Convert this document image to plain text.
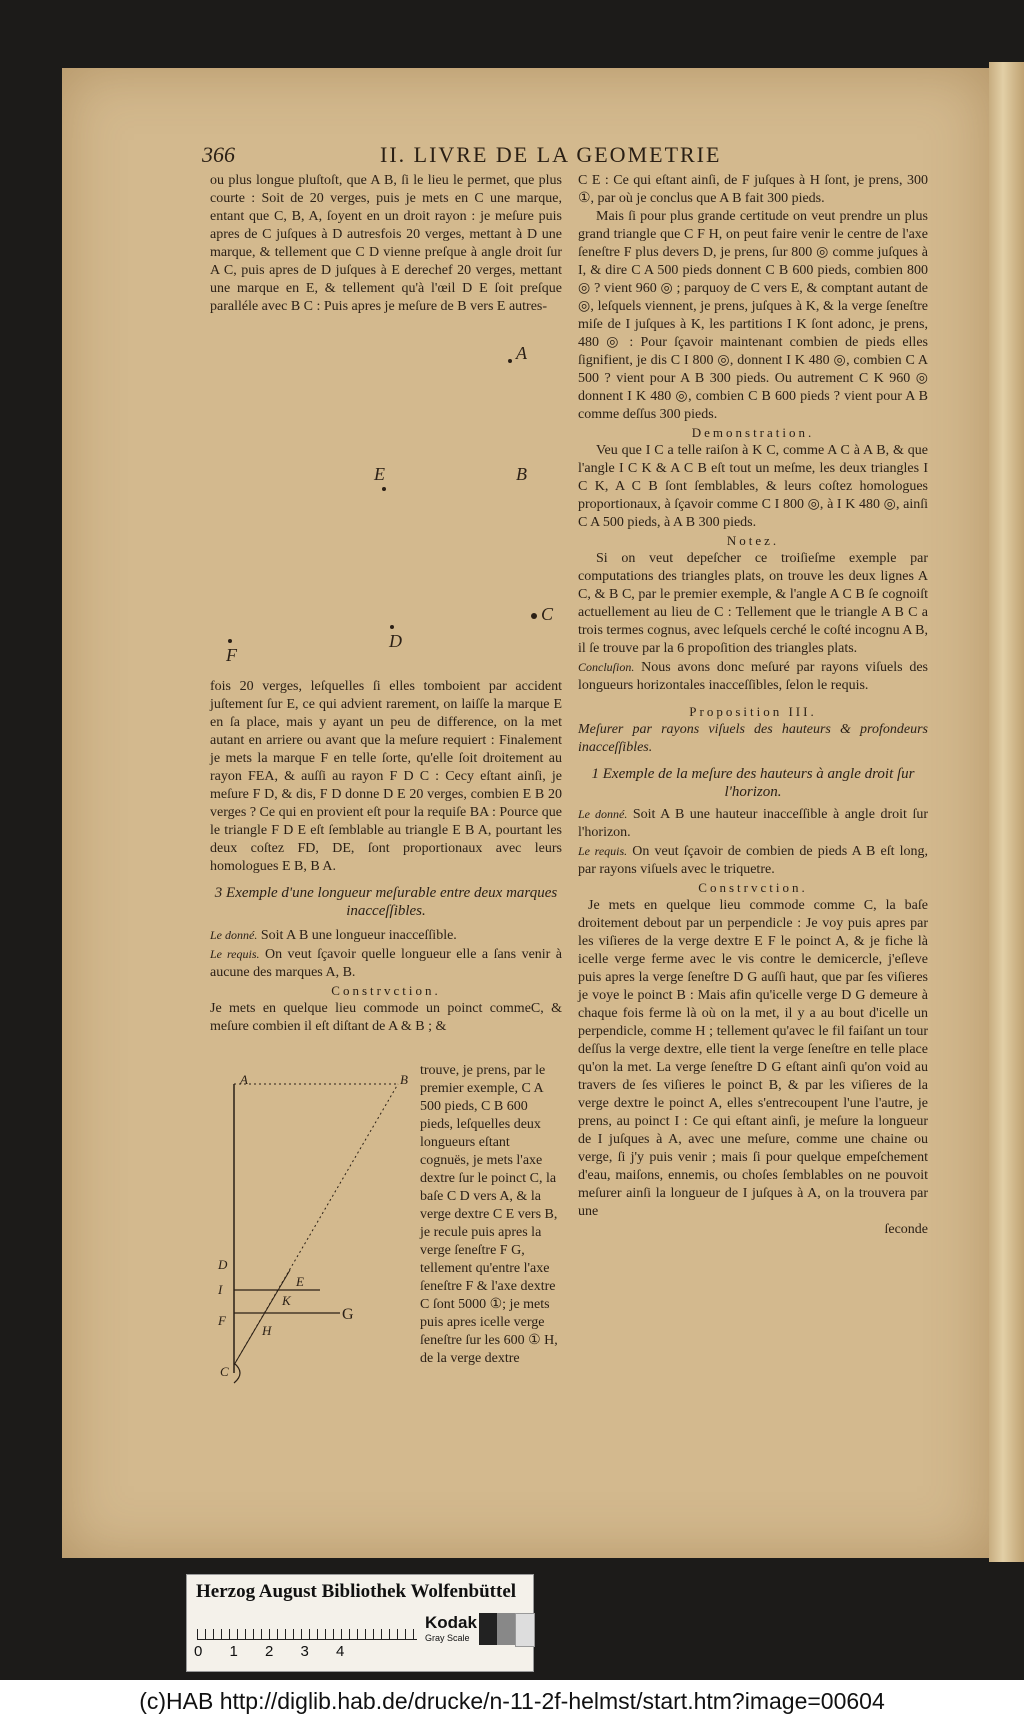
366	II. LIVRE DE LA GEOMETRIE

ou plus longue pluſtoſt, que A B, ſi le lieu le permet, que plus courte : Soit de 20 verges, puis je mets en C une marque, entant que C, B, A, ſoyent en un droit rayon : je meſure puis apres de C juſques à D autresfois 20 verges, mettant à D une marque, & tellement que C D vienne preſque à angle droit ſur A C, puis apres de D juſques à E derechef 20 verges, mettant une marque en E, & tellement qu'à l'œil D E ſoit preſque paralléle avec B C : Puis apres je meſure de B vers E autres-

A
B
C
D
E
F

fois 20 verges, leſquelles ſi elles tomboient par accident juſtement ſur E, ce qui advient rarement, on laiſſe la marque E en ſa place, mais y ayant un peu de difference, on la met autant en arriere ou avant que la meſure requiert : Finalement je mets la marque F en telle ſorte, qu'elle ſoit droitement au rayon FEA, & auſſi au rayon F D C : Cecy eſtant ainſi, je meſure F D, & dis, F D donne D E 20 verges, combien E B 20 verges ? Ce qui en provient eſt pour la requiſe BA : Pource que le triangle F D E eſt ſemblable au triangle E B A, pourtant les deux coſtez FD, DE, ſont proportionaux avec leurs homologues E B, B A.

3 Exemple d'une longueur meſurable entre deux marques inacceſſibles.

Le donné. Soit A B une longueur inacceſſible.

Le requis. On veut ſçavoir quelle longueur elle a ſans venir à aucune des marques A, B.

Constrvction.

Je mets en quelque lieu commode un poinct commeC, & meſure combien il eſt diſtant de A & B ; &

A	B
D
I
F
C
E
K
H
G

trouve, je prens, par le premier exemple, C A 500 pieds, C B 600 pieds, leſquelles deux longueurs eſtant cognuës, je mets l'axe dextre ſur le poinct C, la baſe C D vers A, & la verge dextre C E vers B, je recule puis apres la verge ſeneſtre F G, tellement qu'entre l'axe ſeneſtre F & l'axe dextre C ſont 5000 ①; je mets puis apres icelle verge ſeneſtre ſur les 600 ① H, de la verge dextre

C E : Ce qui eſtant ainſi, de F juſques à H ſont, je prens, 300 ①, par où je conclus que A B fait 300 pieds.

Mais ſi pour plus grande certitude on veut prendre un plus grand triangle que C F H, on peut faire venir le centre de l'axe ſeneſtre F plus devers D, je prens, ſur 800 ◎ comme juſques à I, & dire C A 500 pieds donnent C B 600 pieds, combien 800 ◎ ? vient 960 ◎ ; parquoy de C vers E, & comptant autant de ◎, leſquels viennent, je prens, juſques à K, & la verge ſeneſtre miſe de I juſques à K, les partitions I K ſont adonc, je prens, 480 ◎ : Pour ſçavoir maintenant combien de pieds elles ſignifient, je dis C I 800 ◎, donnent I K 480 ◎, combien C A 500 ? vient pour A B 300 pieds. Ou autrement C K 960 ◎ donnent I K 480 ◎, combien C B 600 pieds ? vient pour A B comme deſſus 300 pieds.

Demonstration.

Veu que I C a telle raiſon à K C, comme A C à A B, & que l'angle I C K & A C B eſt tout un meſme, les deux triangles I C K, A C B ſont ſemblables, & leurs coſtez homologues proportionaux, à ſçavoir comme C I 800 ◎, à I K 480 ◎, ainſi C A 500 pieds, à A B 300 pieds.

Notez.

Si on veut depeſcher ce troiſieſme exemple par computations des triangles plats, on trouve les deux lignes A C, & B C, par le premier exemple, & l'angle A C B ſe cognoiſt actuellement au lieu de C : Tellement que le triangle A B C a trois termes cognus, avec leſquels cerché le coſté incognu A B, il ſe trouve par la 6 propoſition des triangles plats.

Concluſion. Nous avons donc meſuré par rayons viſuels des longueurs horizontales inacceſſibles, ſelon le requis.

Proposition III.

Meſurer par rayons viſuels des hauteurs & profondeurs inacceſſibles.

1 Exemple de la meſure des hauteurs à angle droit ſur l'horizon.

Le donné. Soit A B une hauteur inacceſſible à angle droit ſur l'horizon.

Le requis. On veut ſçavoir de combien de pieds A B eſt long, par rayons viſuels avec le triquetre.

Constrvction.

Je mets en quelque lieu commode comme C, la baſe droitement debout par un perpendicle : Je voy puis apres par les viſieres de la verge dextre E F le poinct A, & je fiche là icelle verge ferme avec le vis contre le demicercle, j'eſleve puis apres la verge ſeneſtre D G auſſi haut, que par ſes viſieres je voye le poinct B : Mais afin qu'icelle verge D G demeure à chaque fois ferme là où on la met, il y a au bout d'icelle un perpendicle, comme H ; tellement qu'avec le fil faiſant un tour deſſus la verge dextre, elle tient la verge ſeneſtre en telle place qu'on la met. La verge ſeneſtre D G eſtant ainſi qu'on void au travers de ſes viſieres le poinct B, & par les viſieres de la verge dextre le poinct A, elles s'entrecoupent l'une l'autre, je prens, au poinct I : Ce qui eſtant ainſi, je meſure la longueur de I juſques à A, avec une meſure, comme une chaine ou verge, ſi j'y puis venir ; mais ſi pour quelque empeſchement d'eau, maiſons, ennemis, ou choſes ſemblables on ne pouvoit meſurer ainſi la longueur de I juſques à A, on la trouvera par une

ſeconde

Herzog August Bibliothek Wolfenbüttel
0 1 2 3 4
Kodak
Gray Scale
(c)HAB http://diglib.hab.de/drucke/n-11-2f-helmst/start.htm?image=00604
